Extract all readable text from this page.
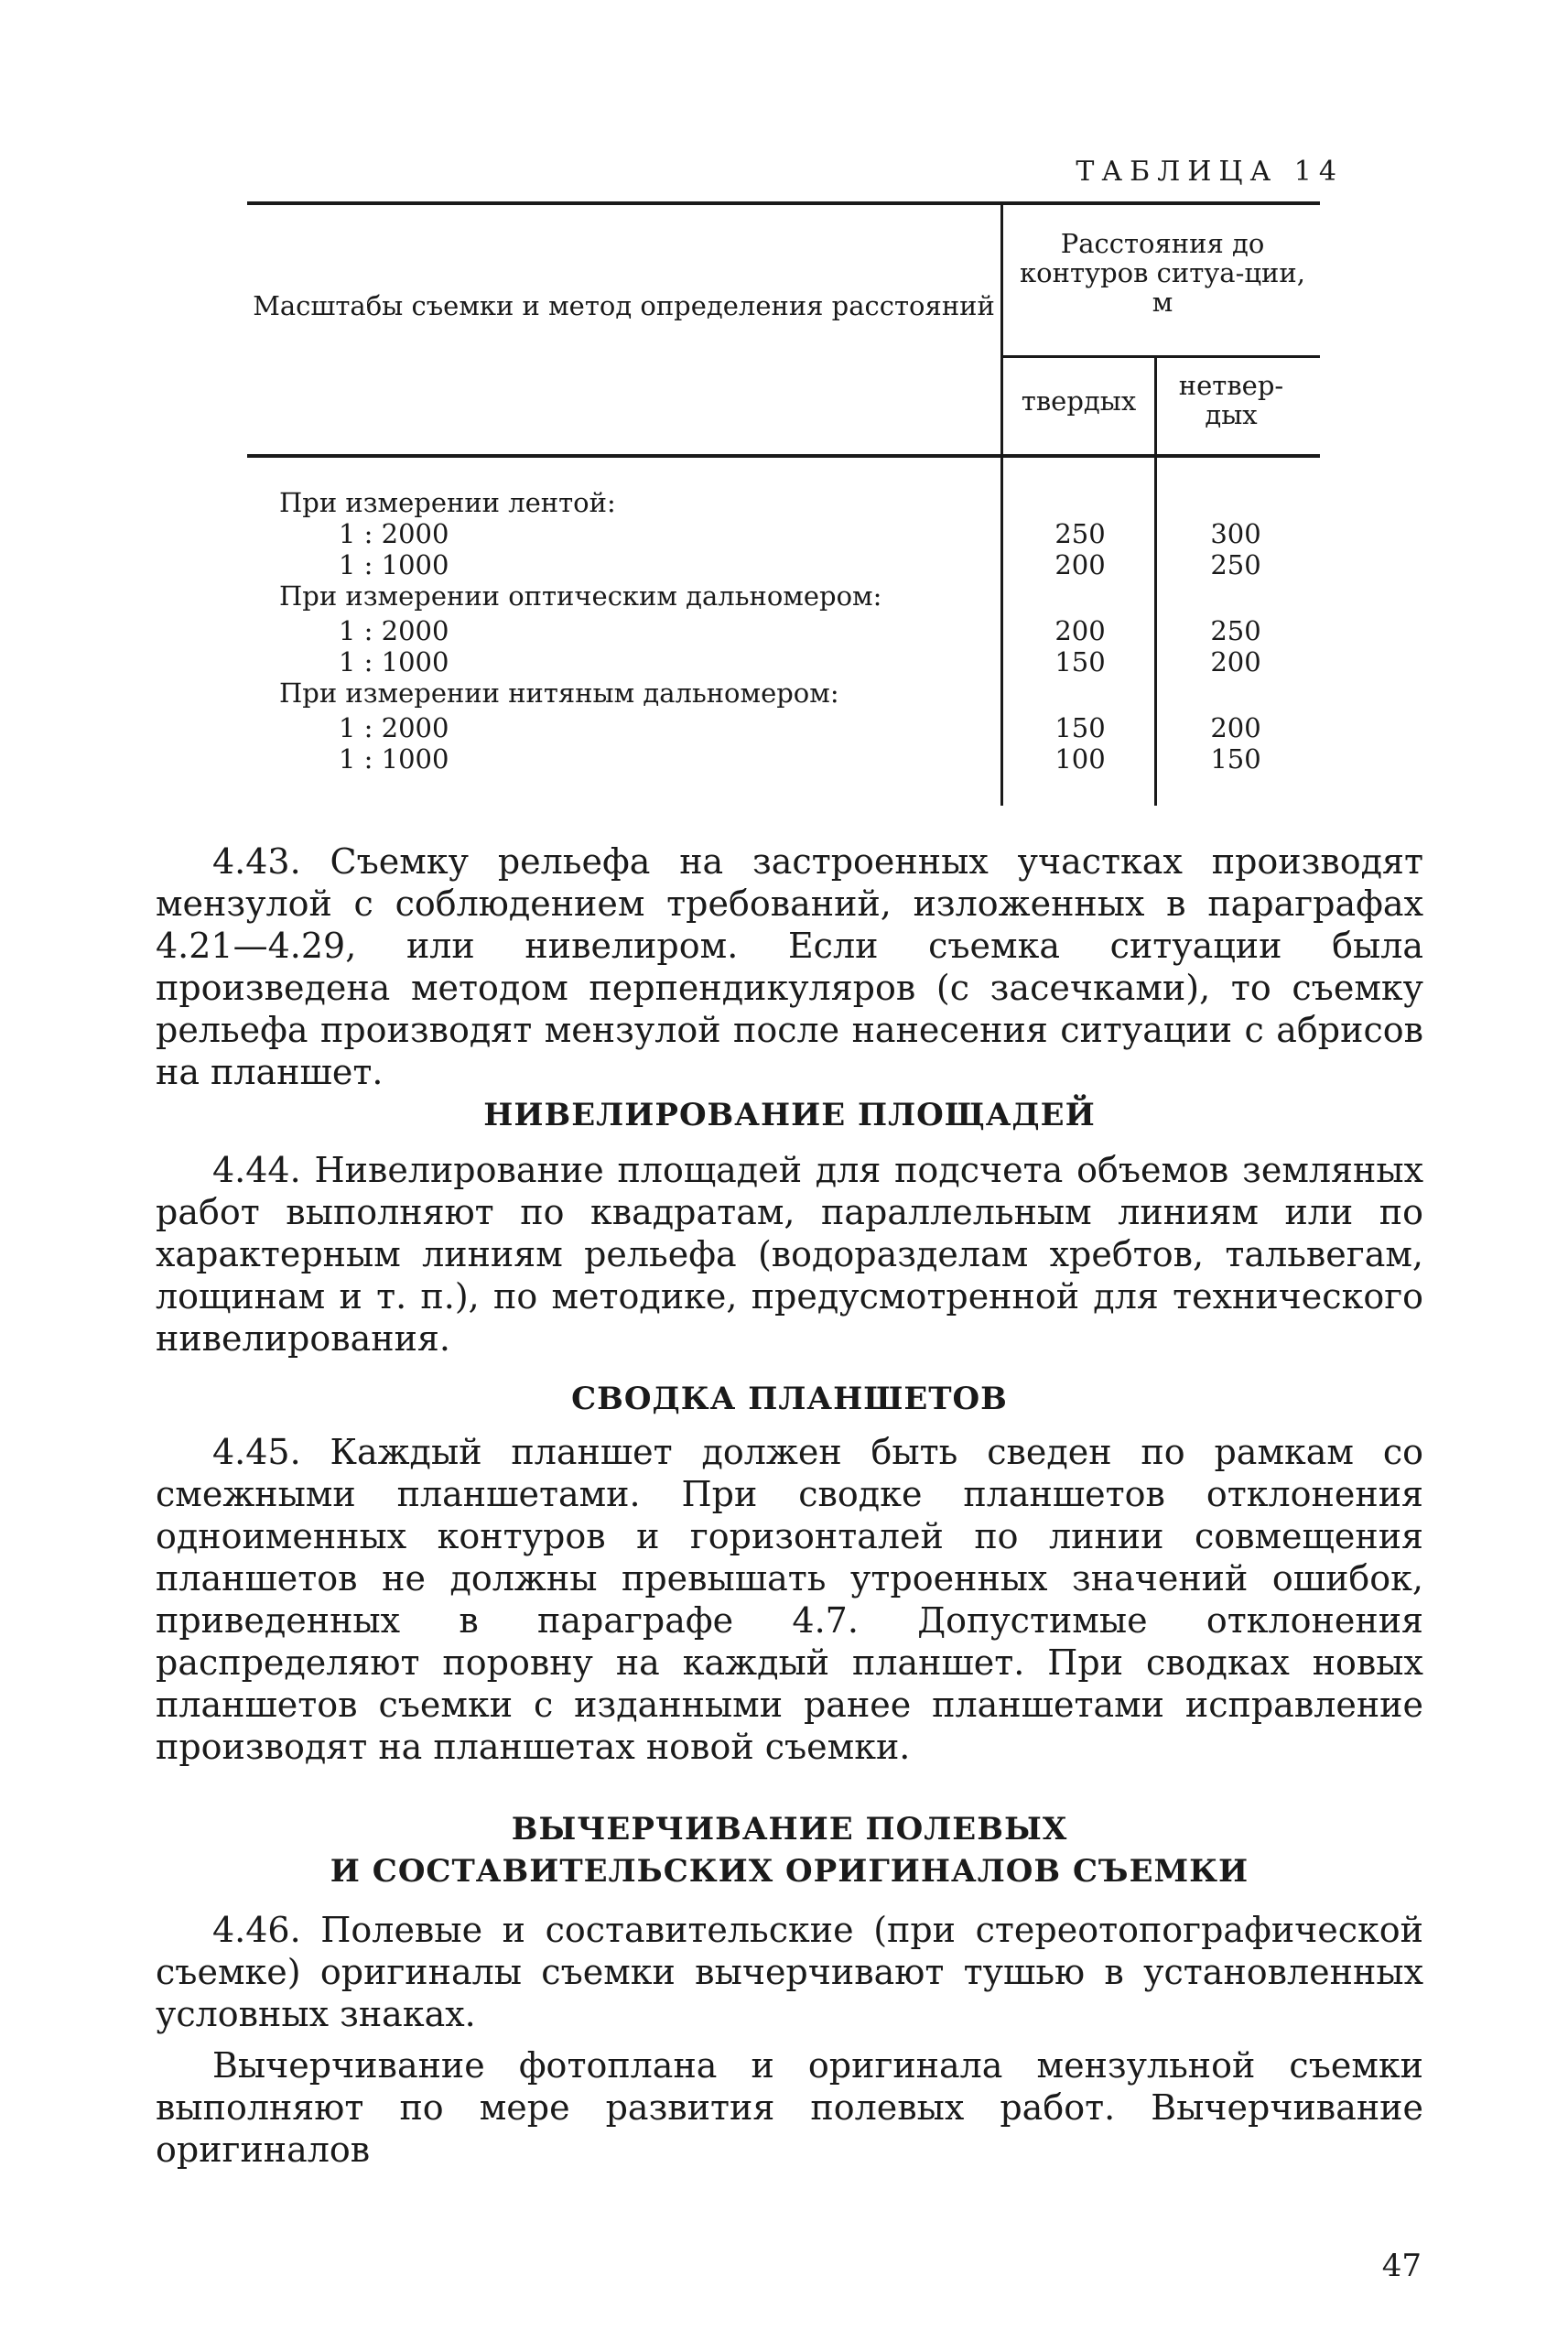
ТАБЛИЦА 14
Масштабы съемки и метод определения расстояний
Расстояния до контуров ситуа-ции, м
твердых	нетвер-дых
При измерении лентой:
1 : 2000	250	300
1 : 1000	200	250
При измерении оптическим дальномером:
1 : 2000	200	250
1 : 1000	150	200
При измерении нитяным дальномером:
1 : 2000	150	200
1 : 1000	100	150
4.43. Съемку рельефа на застроенных участках производят мензулой с соблюдением требований, изложенных в параграфах 4.21—4.29, или нивелиром. Если съемка ситуации была произведена методом перпендикуляров (с засечками), то съемку рельефа производят мензулой после нанесения ситуации с абрисов на планшет.
НИВЕЛИРОВАНИЕ ПЛОЩАДЕЙ
4.44. Нивелирование площадей для подсчета объемов земляных работ выполняют по квадратам, параллельным линиям или по характерным линиям рельефа (водоразделам хребтов, тальвегам, лощинам и т. п.), по методике, предусмотренной для технического нивелирования.
СВОДКА ПЛАНШЕТОВ
4.45. Каждый планшет должен быть сведен по рамкам со смежными планшетами. При сводке планшетов отклонения одноименных контуров и горизонталей по линии совмещения планшетов не должны превышать утроенных значений ошибок, приведенных в параграфе 4.7. Допустимые отклонения распределяют поровну на каждый планшет. При сводках новых планшетов съемки с изданными ранее планшетами исправление производят на планшетах новой съемки.
ВЫЧЕРЧИВАНИЕ ПОЛЕВЫХ
И СОСТАВИТЕЛЬСКИХ ОРИГИНАЛОВ СЪЕМКИ
4.46. Полевые и составительские (при стереотопографической съемке) оригиналы съемки вычерчивают тушью в установленных условных знаках.
Вычерчивание фотоплана и оригинала мензульной съемки выполняют по мере развития полевых работ. Вычерчивание оригиналов
47
